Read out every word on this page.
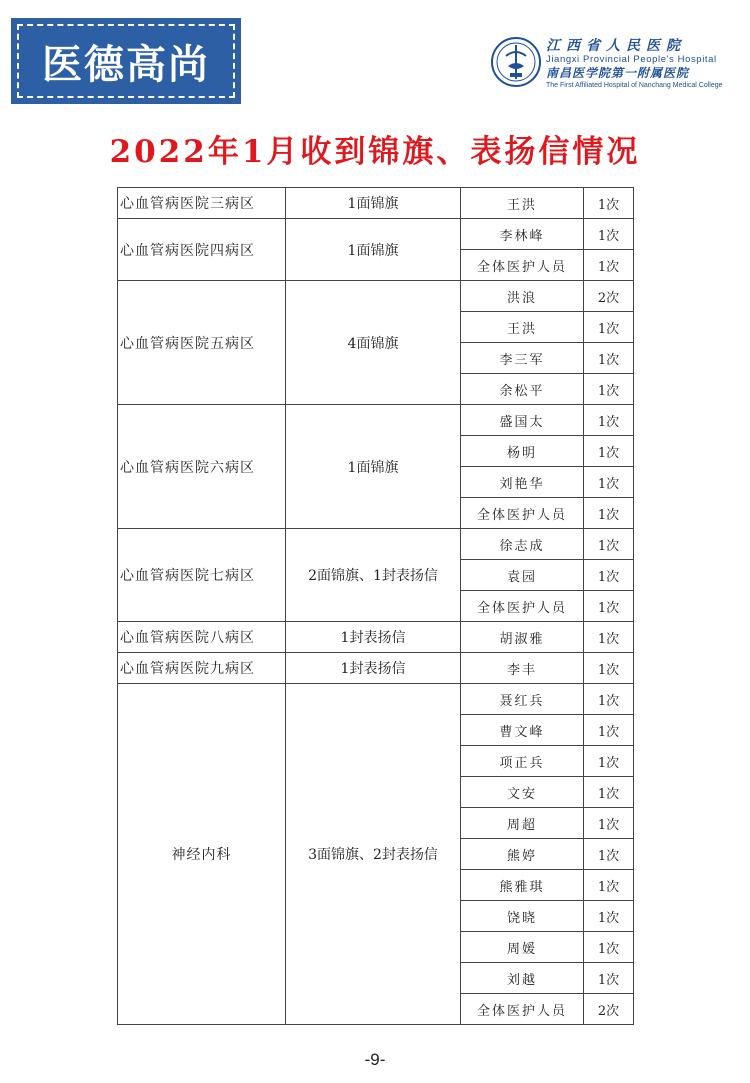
医德高尚	江西省人民医院
Jiangxi Provincial People's Hospital
南昌医学院第一附属医院
The First Affiliated Hospital of Nanchang Medical College
2022年1月收到锦旗、表扬信情况
心血管病医院三病区	1面锦旗	王洪	1次
心血管病医院四病区	1面锦旗	李林峰	1次
		全体医护人员	1次
心血管病医院五病区	4面锦旗	洪浪	2次
		王洪	1次
		李三军	1次
		余松平	1次
心血管病医院六病区	1面锦旗	盛国太	1次
		杨明	1次
		刘艳华	1次
		全体医护人员	1次
心血管病医院七病区	2面锦旗、1封表扬信	徐志成	1次
		袁园	1次
		全体医护人员	1次
心血管病医院八病区	1封表扬信	胡淑雅	1次
心血管病医院九病区	1封表扬信	李丰	1次
神经内科	3面锦旗、2封表扬信	聂红兵	1次
		曹文峰	1次
		项正兵	1次
		文安	1次
		周超	1次
		熊婷	1次
		熊雅琪	1次
		饶晓	1次
		周媛	1次
		刘越	1次
		全体医护人员	2次
-9-
